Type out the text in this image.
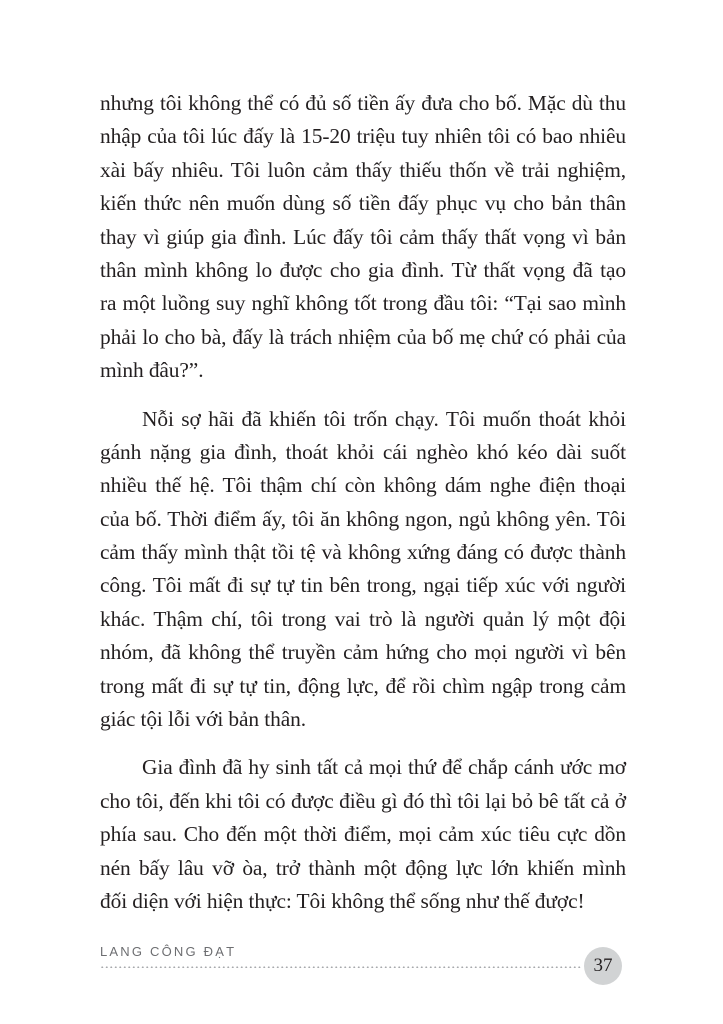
nhưng tôi không thể có đủ số tiền ấy đưa cho bố. Mặc dù thu
nhập của tôi lúc đấy là 15-20 triệu tuy nhiên tôi có bao nhiêu
xài bấy nhiêu. Tôi luôn cảm thấy thiếu thốn về trải nghiệm,
kiến thức nên muốn dùng số tiền đấy phục vụ cho bản thân
thay vì giúp gia đình. Lúc đấy tôi cảm thấy thất vọng vì bản
thân mình không lo được cho gia đình. Từ thất vọng đã tạo
ra một luồng suy nghĩ không tốt trong đầu tôi: “Tại sao mình
phải lo cho bà, đấy là trách nhiệm của bố mẹ chứ có phải của
mình đâu?”.
Nỗi sợ hãi đã khiến tôi trốn chạy. Tôi muốn thoát khỏi
gánh nặng gia đình, thoát khỏi cái nghèo khó kéo dài suốt
nhiều thế hệ. Tôi thậm chí còn không dám nghe điện thoại
của bố. Thời điểm ấy, tôi ăn không ngon, ngủ không yên. Tôi
cảm thấy mình thật tồi tệ và không xứng đáng có được thành
công. Tôi mất đi sự tự tin bên trong, ngại tiếp xúc với người
khác. Thậm chí, tôi trong vai trò là người quản lý một đội
nhóm, đã không thể truyền cảm hứng cho mọi người vì bên
trong mất đi sự tự tin, động lực, để rồi chìm ngập trong cảm
giác tội lỗi với bản thân.
Gia đình đã hy sinh tất cả mọi thứ để chắp cánh ước mơ
cho tôi, đến khi tôi có được điều gì đó thì tôi lại bỏ bê tất cả ở
phía sau. Cho đến một thời điểm, mọi cảm xúc tiêu cực dồn
nén bấy lâu vỡ òa, trở thành một động lực lớn khiến mình
đối diện với hiện thực: Tôi không thể sống như thế được!
LANG CÔNG ĐẠT
37
